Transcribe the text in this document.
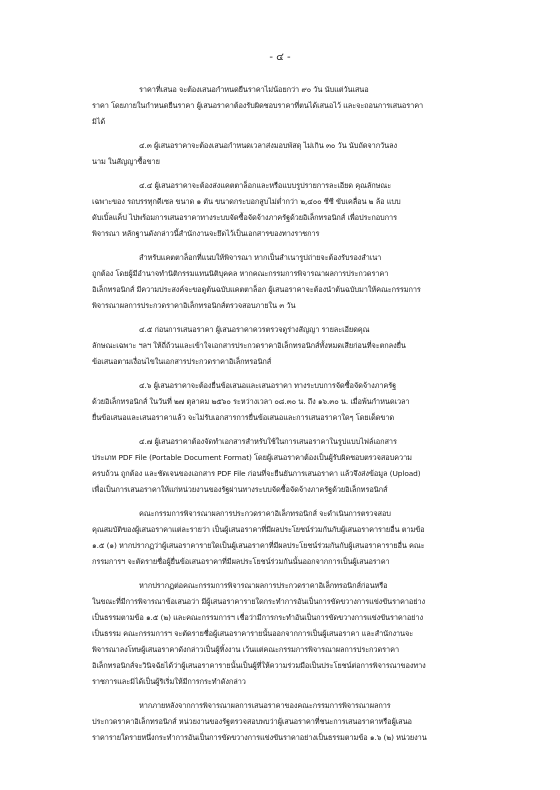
- ๔ -

ราคาที่เสนอ จะต้องเสนอกำหนดยืนราคาไม่น้อยกว่า ๙๐ วัน นับแต่วันเสนอ

ราคา โดยภายในกำหนดยืนราคา ผู้เสนอราคาต้องรับผิดชอบราคาที่ตนได้เสนอไว้ และจะถอนการเสนอราคา

มิได้

๔.๓ ผู้เสนอราคาจะต้องเสนอกำหนดเวลาส่งมอบพัสดุ ไม่เกิน ๓๐ วัน นับถัดจากวันลง

นาม ในสัญญาซื้อขาย

๔.๔ ผู้เสนอราคาจะต้องส่งแคตตาล็อกและหรือแบบรูปรายการละเอียด คุณลักษณะ

เฉพาะของ รถบรรทุกดีเซล ขนาด ๑ ตัน ขนาดกระบอกสูบไม่ต่ำกว่า ๒,๔๐๐ ซีซี ขับเคลื่อน ๒ ล้อ แบบ

ดับเบิ้ลแค็ป ไปพร้อมการเสนอราคาทางระบบจัดซื้อจัดจ้างภาครัฐด้วยอิเล็กทรอนิกส์ เพื่อประกอบการ

พิจารณา หลักฐานดังกล่าวนี้สำนักงานจะยึดไว้เป็นเอกสารของทางราชการ

สำหรับแคตตาล็อกที่แนบให้พิจารณา หากเป็นสำเนารูปถ่ายจะต้องรับรองสำเนา

ถูกต้อง โดยผู้มีอำนาจทำนิติกรรมแทนนิติบุคคล หากคณะกรรมการพิจารณาผลการประกวดราคา

อิเล็กทรอนิกส์ มีความประสงค์จะขอดูต้นฉบับแคตตาล็อก ผู้เสนอราคาจะต้องนำต้นฉบับมาให้คณะกรรมการ

พิจารณาผลการประกวดราคาอิเล็กทรอนิกส์ตรวจสอบภายใน ๓ วัน

๔.๕ ก่อนการเสนอราคา ผู้เสนอราคาควรตรวจดูร่างสัญญา รายละเอียดคุณ

ลักษณะเฉพาะ ฯลฯ ให้ถี่ถ้วนและเข้าใจเอกสารประกวดราคาอิเล็กทรอนิกส์ทั้งหมดเสียก่อนที่จะตกลงยื่น

ข้อเสนอตามเงื่อนไขในเอกสารประกวดราคาอิเล็กทรอนิกส์

๔.๖ ผู้เสนอราคาจะต้องยื่นข้อเสนอและเสนอราคา ทางระบบการจัดซื้อจัดจ้างภาครัฐ

ด้วยอิเล็กทรอนิกส์ ในวันที่ ๒๗ ตุลาคม ๒๕๖๐ ระหว่างเวลา ๐๘.๓๐ น. ถึง ๑๖.๓๐ น. เมื่อพ้นกำหนดเวลา

ยื่นข้อเสนอและเสนอราคาแล้ว จะไม่รับเอกสารการยื่นข้อเสนอและการเสนอราคาใดๆ โดยเด็ดขาด

๔.๗ ผู้เสนอราคาต้องจัดทำเอกสารสำหรับใช้ในการเสนอราคาในรูปแบบไฟล์เอกสาร

ประเภท PDF File (Portable Document Format) โดยผู้เสนอราคาต้องเป็นผู้รับผิดชอบตรวจสอบความ

ครบถ้วน ถูกต้อง และชัดเจนของเอกสาร PDF File ก่อนที่จะยืนยันการเสนอราคา แล้วจึงส่งข้อมูล (Upload)

เพื่อเป็นการเสนอราคาให้แก่หน่วยงานของรัฐผ่านทางระบบจัดซื้อจัดจ้างภาครัฐด้วยอิเล็กทรอนิกส์

คณะกรรมการพิจารณาผลการประกวดราคาอิเล็กทรอนิกส์ จะดำเนินการตรวจสอบ

คุณสมบัติของผู้เสนอราคาแต่ละรายว่า เป็นผู้เสนอราคาที่มีผลประโยชน์ร่วมกันกับผู้เสนอราคารายอื่น ตามข้อ

๑.๕ (๑) หากปรากฏว่าผู้เสนอราคารายใดเป็นผู้เสนอราคาที่มีผลประโยชน์ร่วมกันกับผู้เสนอราคารายอื่น คณะ

กรรมการฯ จะตัดรายชื่อผู้ยื่นข้อเสนอราคาที่มีผลประโยชน์ร่วมกันนั้นออกจากการเป็นผู้เสนอราคา

หากปรากฏต่อคณะกรรมการพิจารณาผลการประกวดราคาอิเล็กทรอนิกส์ก่อนหรือ

ในขณะที่มีการพิจารณาข้อเสนอว่า มีผู้เสนอราคารายใดกระทำการอันเป็นการขัดขวางการแข่งขันราคาอย่าง

เป็นธรรมตามข้อ ๑.๕ (๒) และคณะกรรมการฯ เชื่อว่ามีการกระทำอันเป็นการขัดขวางการแข่งขันราคาอย่าง

เป็นธรรม คณะกรรมการฯ จะตัดรายชื่อผู้เสนอราคารายนั้นออกจากการเป็นผู้เสนอราคา และสำนักงานจะ

พิจารณาลงโทษผู้เสนอราคาดังกล่าวเป็นผู้ทิ้งงาน เว้นแต่คณะกรรมการพิจารณาผลการประกวดราคา

อิเล็กทรอนิกส์จะวินิจฉัยได้ว่าผู้เสนอราคารายนั้นเป็นผู้ที่ให้ความร่วมมือเป็นประโยชน์ต่อการพิจารณาของทาง

ราชการและมิได้เป็นผู้ริเริ่มให้มีการกระทำดังกล่าว

หากภายหลังจากการพิจารณาผลการเสนอราคาของคณะกรรมการพิจารณาผลการ

ประกวดราคาอิเล็กทรอนิกส์ หน่วยงานของรัฐตรวจสอบพบว่าผู้เสนอราคาที่ชนะการเสนอราคาหรือผู้เสนอ

ราคารายใดรายหนึ่งกระทำการอันเป็นการขัดขวางการแข่งขันราคาอย่างเป็นธรรมตามข้อ ๑.๖ (๒) หน่วยงาน
